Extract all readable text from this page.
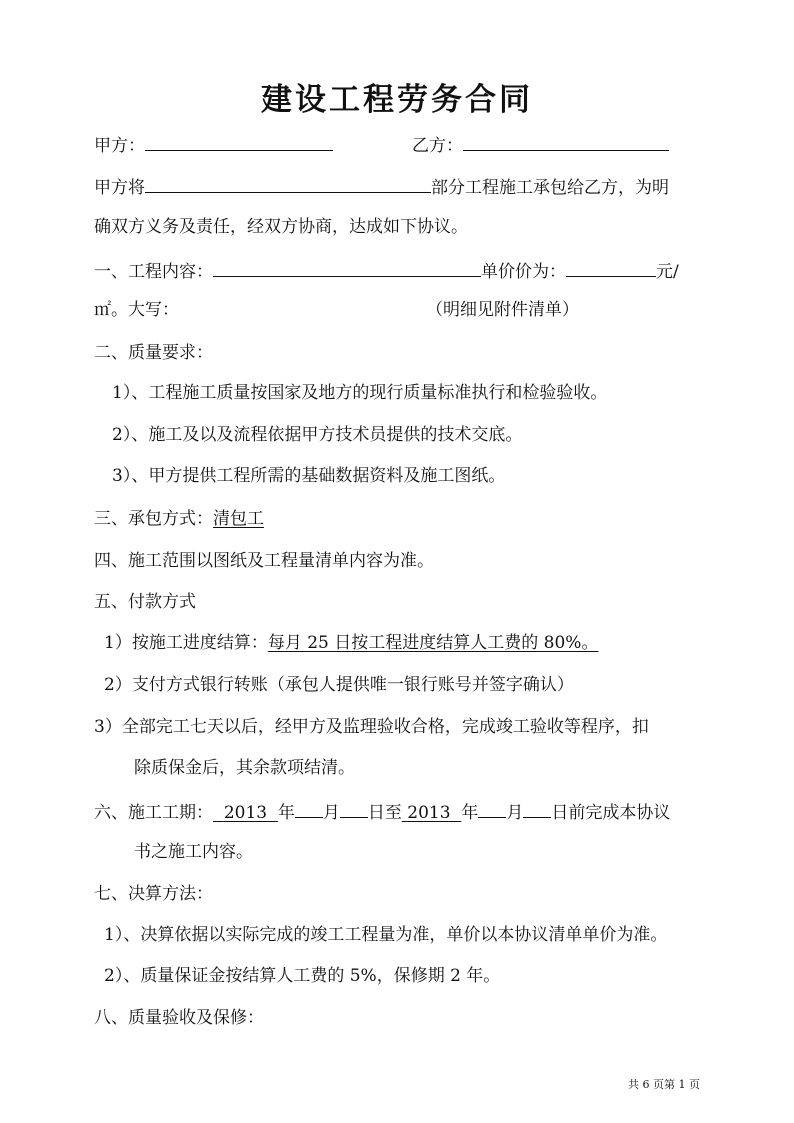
建设工程劳务合同
甲方：	乙方：
甲方将	部分工程施工承包给乙方，为明
确双方义务及责任，经双方协商，达成如下协议。
一、工程内容：	单价价为：	元/
㎡。大写：	（明细见附件清单）
二、质量要求：
1）、工程施工质量按国家及地方的现行质量标准执行和检验验收。
2）、施工及以及流程依据甲方技术员提供的技术交底。
3）、甲方提供工程所需的基础数据资料及施工图纸。
三、承包方式：清包工
四、施工范围以图纸及工程量清单内容为准。
五、付款方式
1）按施工进度结算：每月 25 日按工程进度结算人工费的 80%。
2）支付方式银行转账（承包人提供唯一银行账号并签字确认）
3）全部完工七天以后，经甲方及监理验收合格，完成竣工验收等程序，扣
除质保金后，其余款项结清。
六、施工工期： 2013 年 月 日至 2013 年 月 日前完成本协议
书之施工内容。
七、决算方法：
1）、决算依据以实际完成的竣工工程量为准，单价以本协议清单单价为准。
2）、质量保证金按结算人工费的 5%，保修期 2 年。
八、质量验收及保修：
共 6 页第 1 页
